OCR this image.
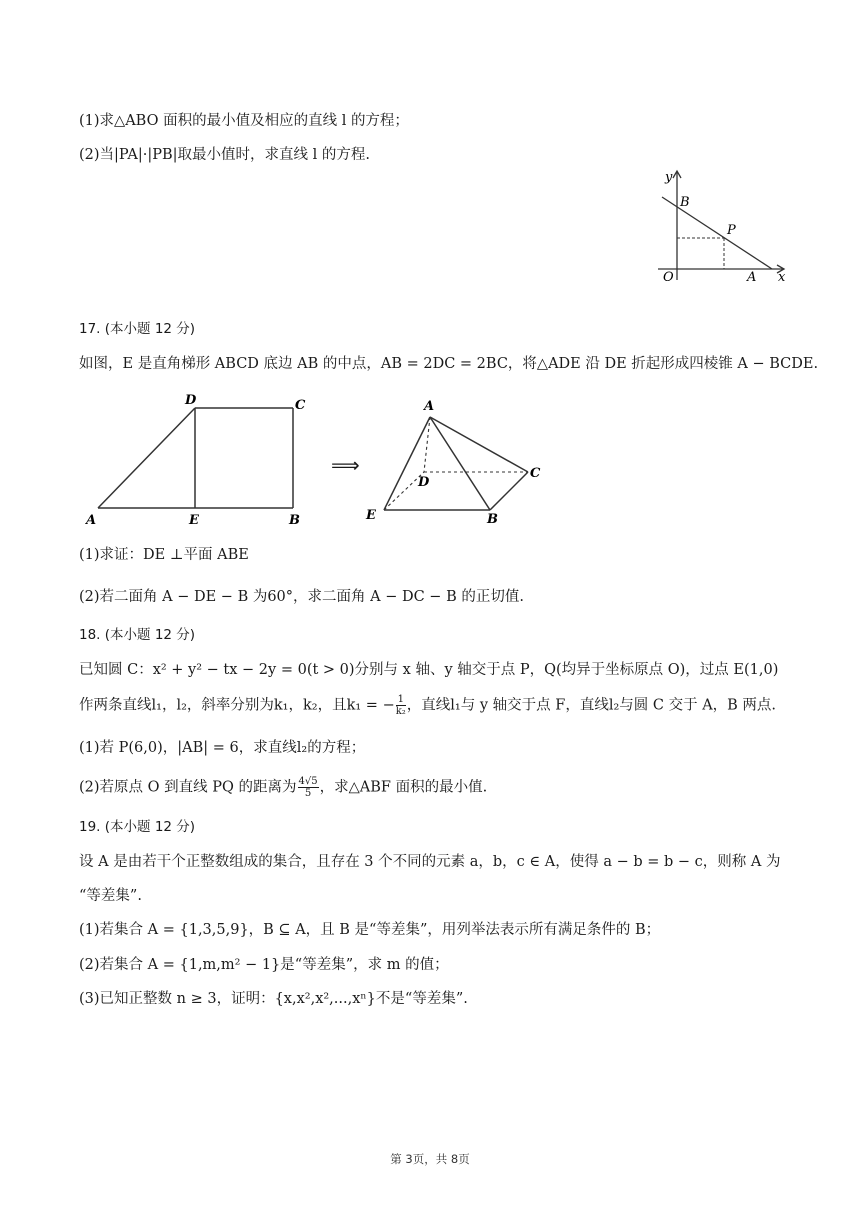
(1)求△ABO 面积的最小值及相应的直线 l 的方程；
(2)当|PA|·|PB|取最小值时，求直线 l 的方程.
y
x
O
B
P
A
17. (本小题 12 分)
如图，E 是直角梯形 ABCD 底边 AB 的中点，AB = 2DC = 2BC，将△ADE 沿 DE 折起形成四棱锥 A − BCDE.
D	C
A	E	B
⟹
A
D
C
E	B
(1)求证：DE ⊥平面 ABE
(2)若二面角 A − DE − B 为60°，求二面角 A − DC − B 的正切值.
18. (本小题 12 分)
已知圆 C：x² + y² − tx − 2y = 0(t > 0)分别与 x 轴、y 轴交于点 P，Q(均异于坐标原点 O)，过点 E(1,0)
作两条直线l₁，l₂，斜率分别为k₁，k₂，且k₁ = − $\frac{1}{\text{k₂}}$ ，直线l₁与 y 轴交于点 F，直线l₂与圆 C 交于 A，B 两点.
(1)若 P(6,0)，|AB| = 6，求直线l₂的方程；
(2)若原点 O 到直线 PQ 的距离为 $\frac{4√5}{5}$ ，求△ABF 面积的最小值.
19. (本小题 12 分)
设 A 是由若干个正整数组成的集合，且存在 3 个不同的元素 a，b，c ∈ A，使得 a − b = b − c，则称 A 为
“等差集”.
(1)若集合 A = {1,3,5,9}，B ⊆ A，且 B 是“等差集”，用列举法表示所有满足条件的 B；
(2)若集合 A = {1,m,m² − 1}是“等差集”，求 m 的值；
(3)已知正整数 n ≥ 3，证明：{x,x²,x²,...,xⁿ}不是“等差集”.
第 3页，共 8页
